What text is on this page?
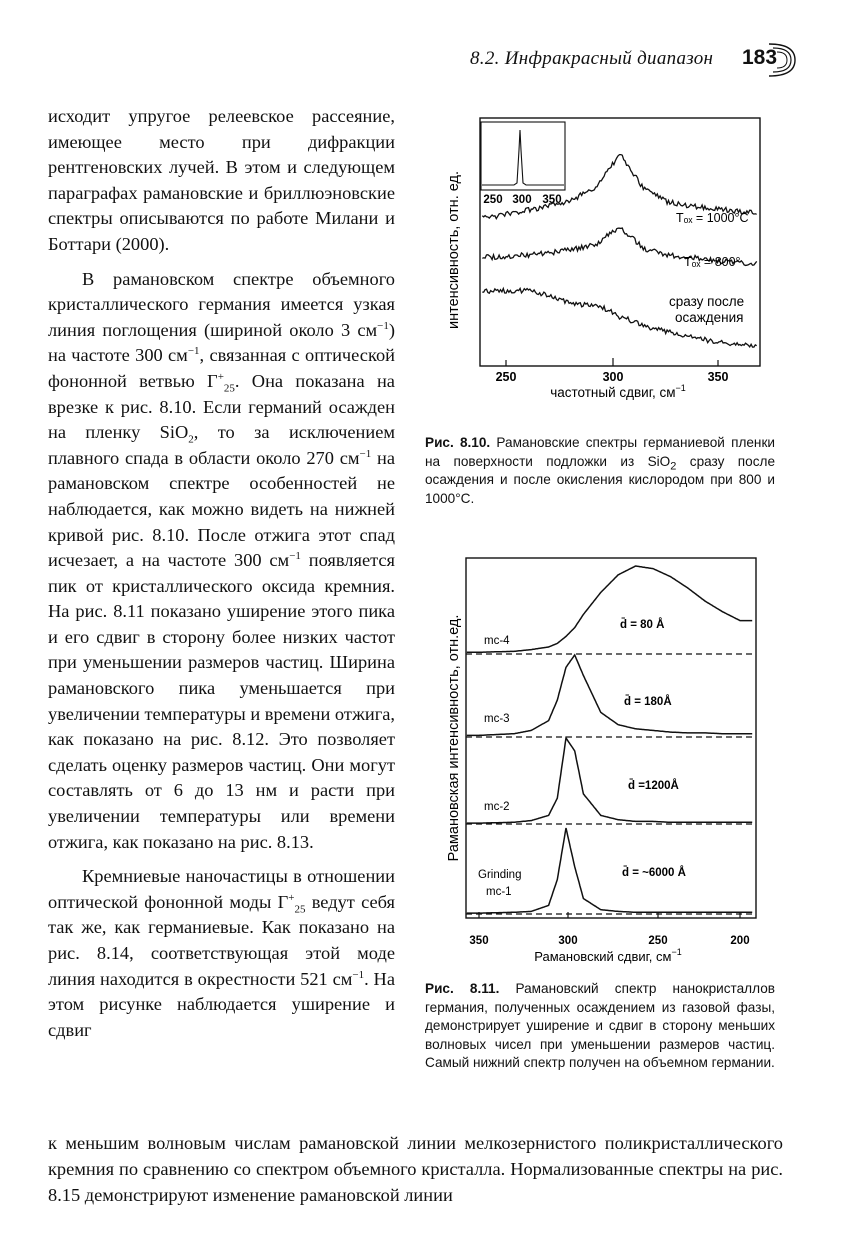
8.2. Инфракрасный диапазон 183

исходит упругое релеевское рассеяние, имеющее место при дифракции рентгеновских лучей. В этом и следующем параграфах рамановские и бриллюэновские спектры описываются по работе Милани и Боттари (2000).

В рамановском спектре объемного кристаллического германия имеется узкая линия поглощения (шириной около 3 $см^{-1}$) на частоте 300 $см^{-1}$, связанная с оптической фононной ветвью $Г^+_{25}$. Она показана на врезке к рис. 8.10. Если германий осажден на пленку SiO$_2$, то за исключением плавного спада в области около 270 $см^{-1}$ на рамановском спектре особенностей не наблюдается, как можно видеть на нижней кривой рис. 8.10. После отжига этот спад исчезает, а на частоте 300 $см^{-1}$ появляется пик от кристаллического оксида кремния. На рис. 8.11 показано уширение этого пика и его сдвиг в сторону более низких частот при уменьшении размеров частиц. Ширина рамановского пика уменьшается при увеличении температуры и времени отжига, как показано на рис. 8.12. Это позволяет сделать оценку размеров частиц. Они могут составлять от 6 до 13 нм и расти при увеличении температуры или времени отжига, как показано на рис. 8.13.

Кремниевые наночастицы в отношении оптической фононной моды $Г^+_{25}$ ведут себя так же, как германиевые. Как показано на рис. 8.14, соответствующая этой моде линия находится в окрестности 521 $см^{-1}$. На этом рисунке наблюдается уширение и сдвиг

интенсивность, отн. ед. 250 300 350
Tₒₓ = 1000°C
Tₒₓ = 800°
сразу после
осаждения
250	300	350
частотный сдвиг, $см^{-1}$
Рис. 8.10. Рамановские спектры германиевой пленки на поверхности подложки из SiO$_2$ сразу после осаждения и после окисления кислородом при 800 и 1000°С.
Рамановская интенсивность, отн.ед. mc-4
mc-3
mc-2
Grinding
mc-1
d̄ = 80 Å
d̄ = 180Å
d̄ =1200Å
d̄ = ~6000 Å
350	300	250	200
Рамановский сдвиг, $см^{-1}$
Рис. 8.11. Рамановский спектр нанокристаллов германия, полученных осаждением из газовой фазы, демонстрирует уширение и сдвиг в сторону меньших волновых чисел при уменьшении размеров частиц. Самый нижний спектр получен на объемном германии.
к меньшим волновым числам рамановской линии мелкозернистого поликристаллического кремния по сравнению со спектром объемного кристалла. Нормализованные спектры на рис. 8.15 демонстрируют изменение рамановской линии
